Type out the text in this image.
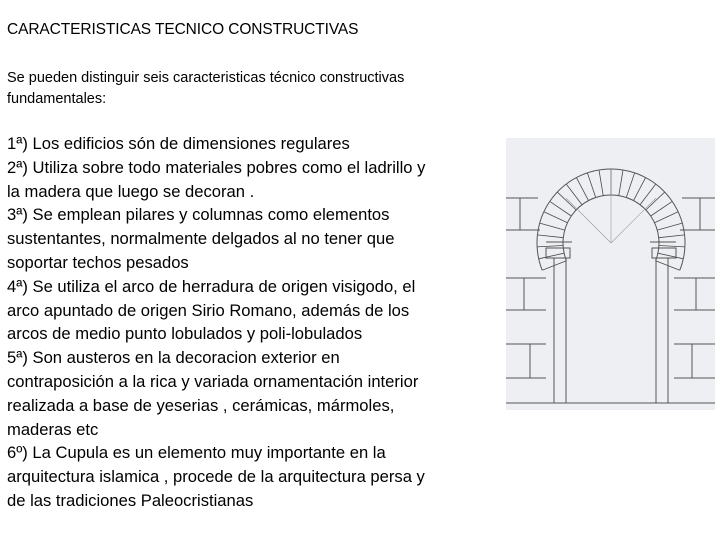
CARACTERISTICAS TECNICO CONSTRUCTIVAS
Se pueden distinguir seis caracteristicas técnico constructivas
fundamentales:
1ª) Los edificios són de dimensiones regulares
2ª) Utiliza sobre todo materiales pobres como el ladrillo y
la madera que luego se decoran .
3ª) Se emplean pilares y columnas como elementos
sustentantes, normalmente delgados al no tener que
soportar techos pesados
4ª) Se utiliza el arco de herradura de origen visigodo, el
arco apuntado de origen Sirio Romano, además de los
arcos de medio punto lobulados y poli-lobulados
5ª) Son austeros en la decoracion exterior en
contraposición a la rica y variada ornamentación interior
realizada a base de yeserias , cerámicas, mármoles,
maderas etc
6º) La Cupula es un elemento muy importante en la
arquitectura islamica , procede de la arquitectura persa y
de las tradiciones Paleocristianas
